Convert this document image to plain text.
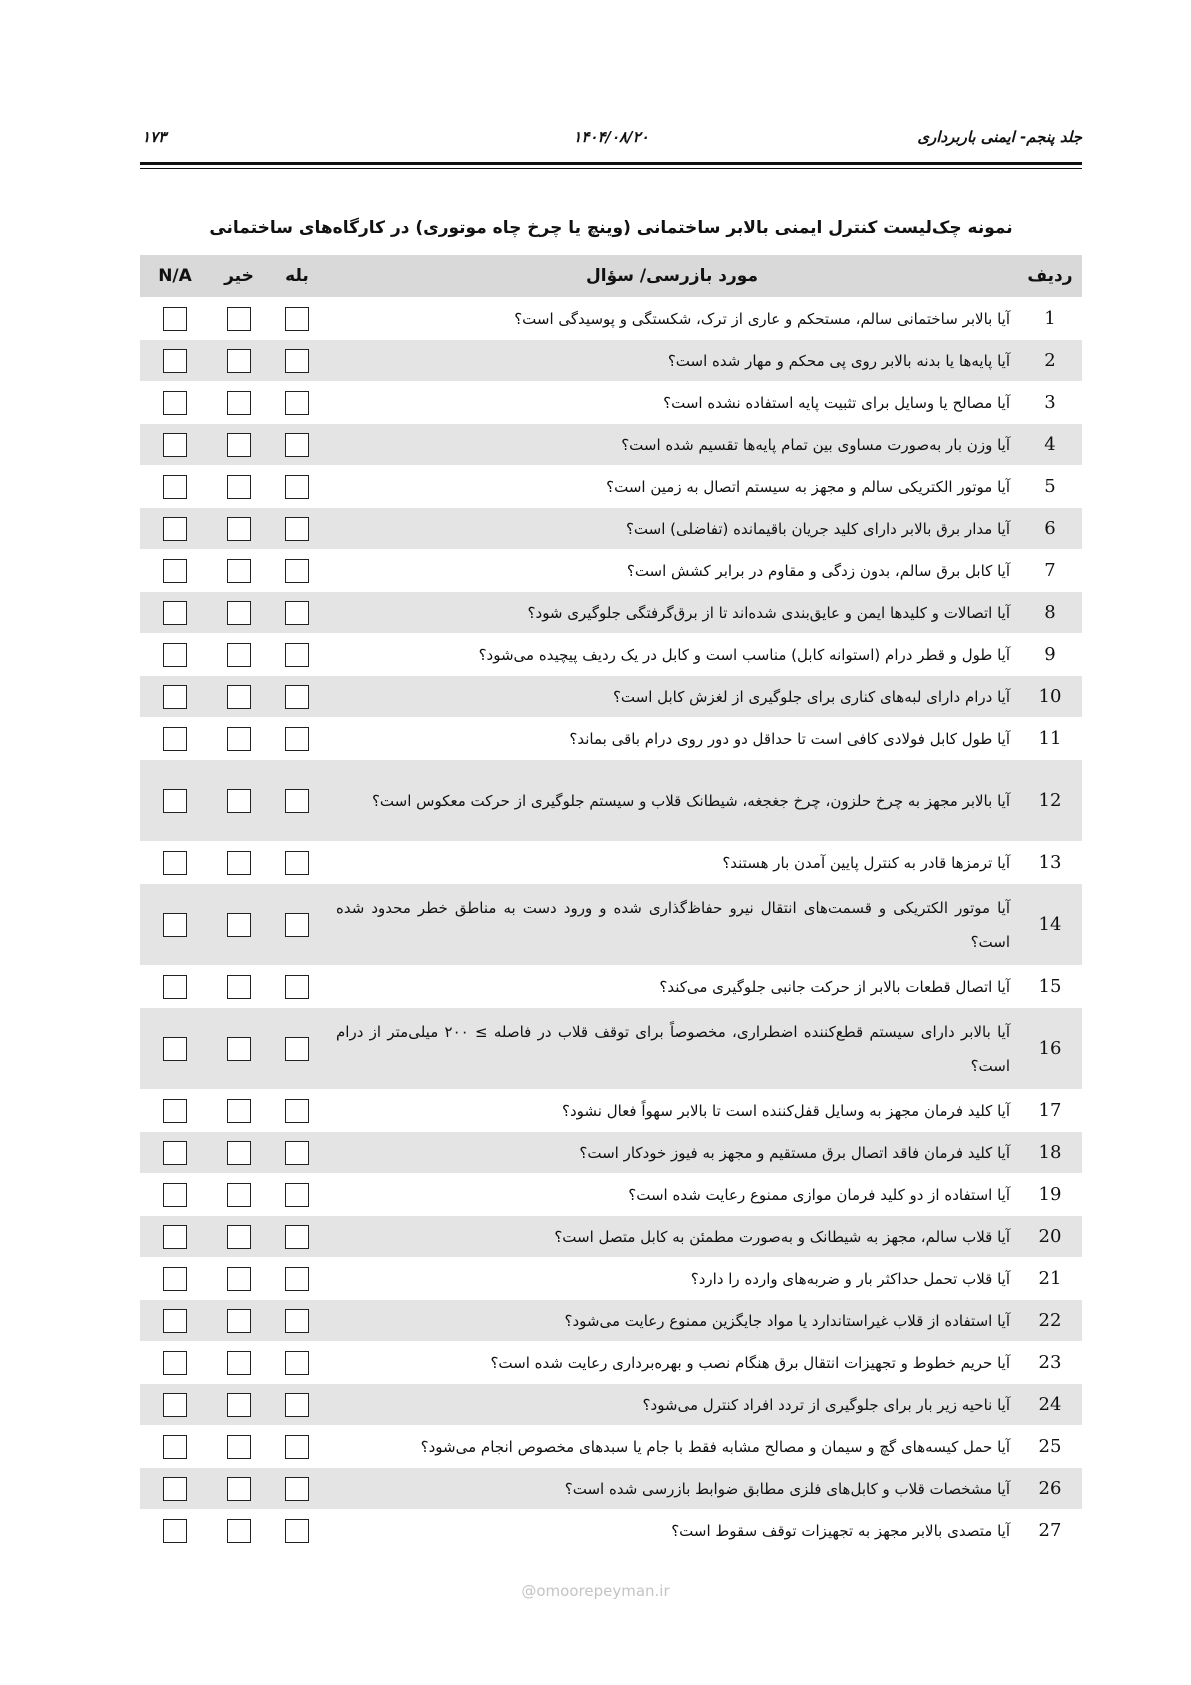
جلد پنجم- ایمنی باربرداری
۱۴۰۴/۰۸/۲۰
۱۷۳
نمونه چک‌لیست کنترل ایمنی بالابر ساختمانی (وینچ یا چرخ چاه موتوری) در کارگاه‌های ساختمانی
ردیف
مورد بازرسی/ سؤال
بله
خیر
N/A
1
آیا بالابر ساختمانی سالم، مستحکم و عاری از ترک، شکستگی و پوسیدگی است؟
2
آیا پایه‌ها یا بدنه بالابر روی پی محکم و مهار شده است؟
3
آیا مصالح یا وسایل برای تثبیت پایه استفاده نشده است؟
4
آیا وزن بار به‌صورت مساوی بین تمام پایه‌ها تقسیم شده است؟
5
آیا موتور الکتریکی سالم و مجهز به سیستم اتصال به زمین است؟
6
آیا مدار برق بالابر دارای کلید جریان باقیمانده (تفاضلی) است؟
7
آیا کابل برق سالم، بدون زدگی و مقاوم در برابر کشش است؟
8
آیا اتصالات و کلیدها ایمن و عایق‌بندی شده‌اند تا از برق‌گرفتگی جلوگیری شود؟
9
آیا طول و قطر درام (استوانه کابل) مناسب است و کابل در یک ردیف پیچیده می‌شود؟
10
آیا درام دارای لبه‌های کناری برای جلوگیری از لغزش کابل است؟
11
آیا طول کابل فولادی کافی است تا حداقل دو دور روی درام باقی بماند؟
12
آیا بالابر مجهز به چرخ حلزون، چرخ جغجغه، شیطانک قلاب و سیستم جلوگیری از حرکت معکوس است؟
13
آیا ترمزها قادر به کنترل پایین آمدن بار هستند؟
14
آیا موتور الکتریکی و قسمت‌های انتقال نیرو حفاظ‌گذاری شده و ورود دست به مناطق خطر محدود شده است؟
15
آیا اتصال قطعات بالابر از حرکت جانبی جلوگیری می‌کند؟
16
آیا بالابر دارای سیستم قطع‌کننده اضطراری، مخصوصاً برای توقف قلاب در فاصله ≥ ۲۰۰ میلی‌متر از درام است؟
17
آیا کلید فرمان مجهز به وسایل قفل‌کننده است تا بالابر سهواً فعال نشود؟
18
آیا کلید فرمان فاقد اتصال برق مستقیم و مجهز به فیوز خودکار است؟
19
آیا استفاده از دو کلید فرمان موازی ممنوع رعایت شده است؟
20
آیا قلاب سالم، مجهز به شیطانک و به‌صورت مطمئن به کابل متصل است؟
21
آیا قلاب تحمل حداکثر بار و ضربه‌های وارده را دارد؟
22
آیا استفاده از قلاب غیراستاندارد یا مواد جایگزین ممنوع رعایت می‌شود؟
23
آیا حریم خطوط و تجهیزات انتقال برق هنگام نصب و بهره‌برداری رعایت شده است؟
24
آیا ناحیه زیر بار برای جلوگیری از تردد افراد کنترل می‌شود؟
25
آیا حمل کیسه‌های گچ و سیمان و مصالح مشابه فقط با جام یا سبدهای مخصوص انجام می‌شود؟
26
آیا مشخصات قلاب و کابل‌های فلزی مطابق ضوابط بازرسی شده است؟
27
آیا متصدی بالابر مجهز به تجهیزات توقف سقوط است؟
@omoorepeyman.ir
